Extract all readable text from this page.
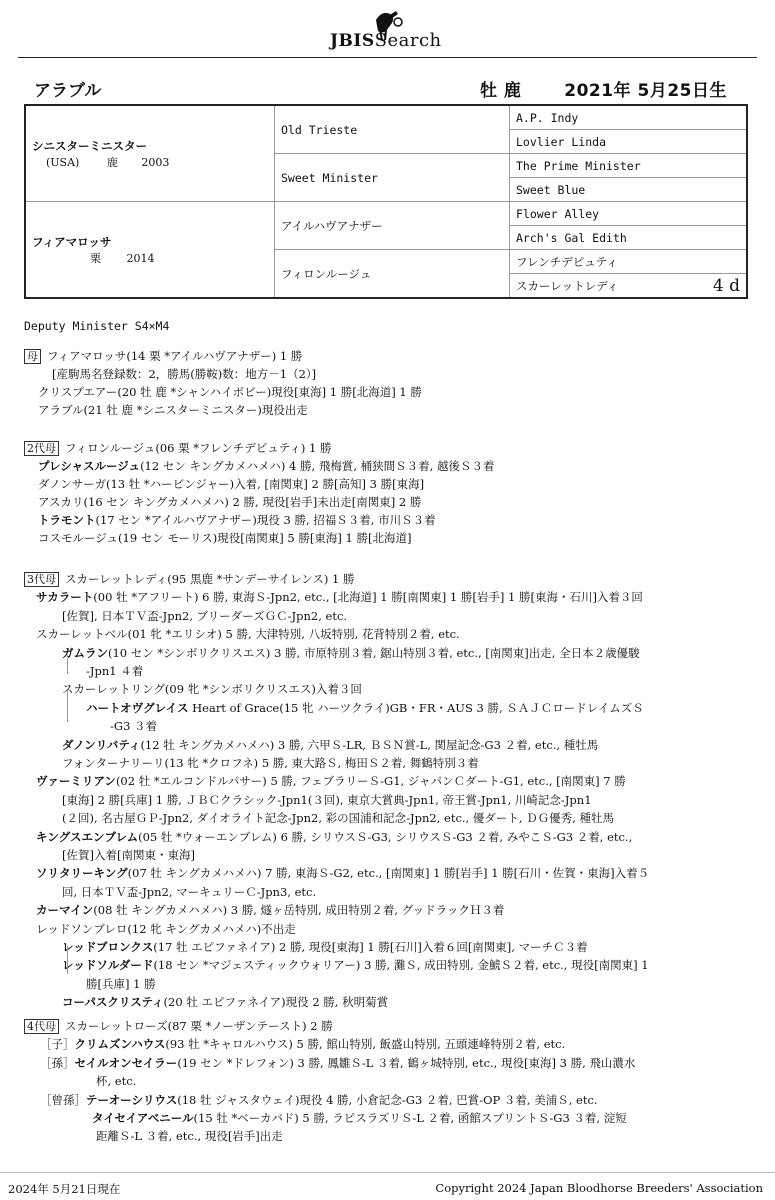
JBISSearch
アラブル	牡 鹿	2021年 5月25日生
シニスターミニスター
(USA) 鹿 2003	Old Trieste	A.P. Indy
		Lovlier Linda
	Sweet Minister	The Prime Minister
		Sweet Blue

フィアマロッサ
栗 2014	アイルハヴアナザー	Flower Alley
		Arch's Gal Edith
	フィロンルージュ	フレンチデピュティ
		スカーレットレディ 4 d
Deputy Minister S4×M4
母 フィアマロッサ(14 栗 *アイルハヴアナザー) 1 勝
[産駒馬名登録数：2，勝馬(勝鞍)数：地方－1（2）]
クリスプエアー(20 牡 鹿 *シャンハイボビー)現役[東海] 1 勝[北海道] 1 勝
アラブル(21 牡 鹿 *シニスターミニスター)現役出走
2代母 フィロンルージュ(06 栗 *フレンチデピュティ) 1 勝
プレシャスルージュ(12 セン キングカメハメハ) 4 勝, 飛梅賞, 桶狭間Ｓ３着, 越後Ｓ３着
ダノンサーガ(13 牡 *ハービンジャー)入着, [南関東] 2 勝[高知] 3 勝[東海]
アスカリ(16 セン キングカメハメハ) 2 勝, 現役[岩手]未出走[南関東] 2 勝
トラモント(17 セン *アイルハヴアナザー)現役 3 勝, 招福Ｓ３着, 市川Ｓ３着
コスモルージュ(19 セン モーリス)現役[南関東] 5 勝[東海] 1 勝[北海道]
3代母 スカーレットレディ(95 黒鹿 *サンデーサイレンス) 1 勝
サカラート(00 牡 *アフリート) 6 勝, 東海Ｓ-Jpn2, etc., [北海道] 1 勝[南関東] 1 勝[岩手] 1 勝[東海・石川]入着３回
[佐賀], 日本ＴＶ盃-Jpn2, ブリーダーズＧＣ-Jpn2, etc.
スカーレットベル(01 牝 *エリシオ) 5 勝, 大津特別, 八坂特別, 花背特別２着, etc.
ガムラン(10 セン *シンボリクリスエス) 3 勝, 市原特別３着, 鋸山特別３着, etc., [南関東]出走, 全日本２歳優駿
-Jpn1 ４着
スカーレットリング(09 牝 *シンボリクリスエス)入着３回
ハートオヴグレイス Heart of Grace(15 牝 ハーツクライ)GB・FR・AUS 3 勝, ＳＡＪＣロードレイムズＳ
-G3 ３着
ダノンリバティ(12 牡 キングカメハメハ) 3 勝, 六甲Ｓ-LR, ＢＳＮ賞-L, 関屋記念-G3 ２着, etc., 種牡馬
フォンターナリーリ(13 牝 *クロフネ) 5 勝, 東大路Ｓ, 梅田Ｓ２着, 舞鶴特別３着
ヴァーミリアン(02 牡 *エルコンドルパサー) 5 勝, フェブラリーＳ-G1, ジャパンＣダート-G1, etc., [南関東] 7 勝
[東海] 2 勝[兵庫] 1 勝, ＪＢＣクラシック-Jpn1(３回), 東京大賞典-Jpn1, 帝王賞-Jpn1, 川崎記念-Jpn1
(２回), 名古屋ＧＰ-Jpn2, ダイオライト記念-Jpn2, 彩の国浦和記念-Jpn2, etc., 優ダート, ＤＧ優秀, 種牡馬
キングスエンブレム(05 牡 *ウォーエンブレム) 6 勝, シリウスＳ-G3, シリウスＳ-G3 ２着, みやこＳ-G3 ２着, etc.,
[佐賀]入着[南関東・東海]
ソリタリーキング(07 牡 キングカメハメハ) 7 勝, 東海Ｓ-G2, etc., [南関東] 1 勝[岩手] 1 勝[石川・佐賀・東海]入着５
回, 日本ＴＶ盃-Jpn2, マーキュリーＣ-Jpn3, etc.
カーマイン(08 牡 キングカメハメハ) 3 勝, 燧ヶ岳特別, 成田特別２着, グッドラックＨ３着
レッドソンブレロ(12 牝 キングカメハメハ)不出走
レッドブロンクス(17 牡 エピファネイア) 2 勝, 現役[東海] 1 勝[石川]入着６回[南関東], マーチＣ３着
レッドソルダード(18 セン *マジェスティックウォリアー) 3 勝, 灘Ｓ, 成田特別, 金鯱Ｓ２着, etc., 現役[南関東] 1
勝[兵庫] 1 勝
コーパスクリスティ(20 牡 エピファネイア)現役 2 勝, 秋明菊賞
4代母 スカーレットローズ(87 栗 *ノーザンテースト) 2 勝
［子］クリムズンハウス(93 牡 *キャロルハウス) 5 勝, 館山特別, 飯盛山特別, 五頭連峰特別２着, etc.
［孫］セイルオンセイラー(19 セン *ドレフォン) 3 勝, 鳳雛Ｓ-L ３着, 鶴ヶ城特別, etc., 現役[東海] 3 勝, 飛山濃水
杯, etc.
［曾孫］テーオーシリウス(18 牡 ジャスタウェイ)現役 4 勝, 小倉記念-G3 ２着, 巴賞-OP ３着, 美浦Ｓ, etc.
タイセイアベニール(15 牡 *ベーカバド) 5 勝, ラピスラズリＳ-L ２着, 函館スプリントＳ-G3 ３着, 淀短
距離Ｓ-L ３着, etc., 現役[岩手]出走
2024年 5月21日現在	Copyright 2024 Japan Bloodhorse Breeders' Association
